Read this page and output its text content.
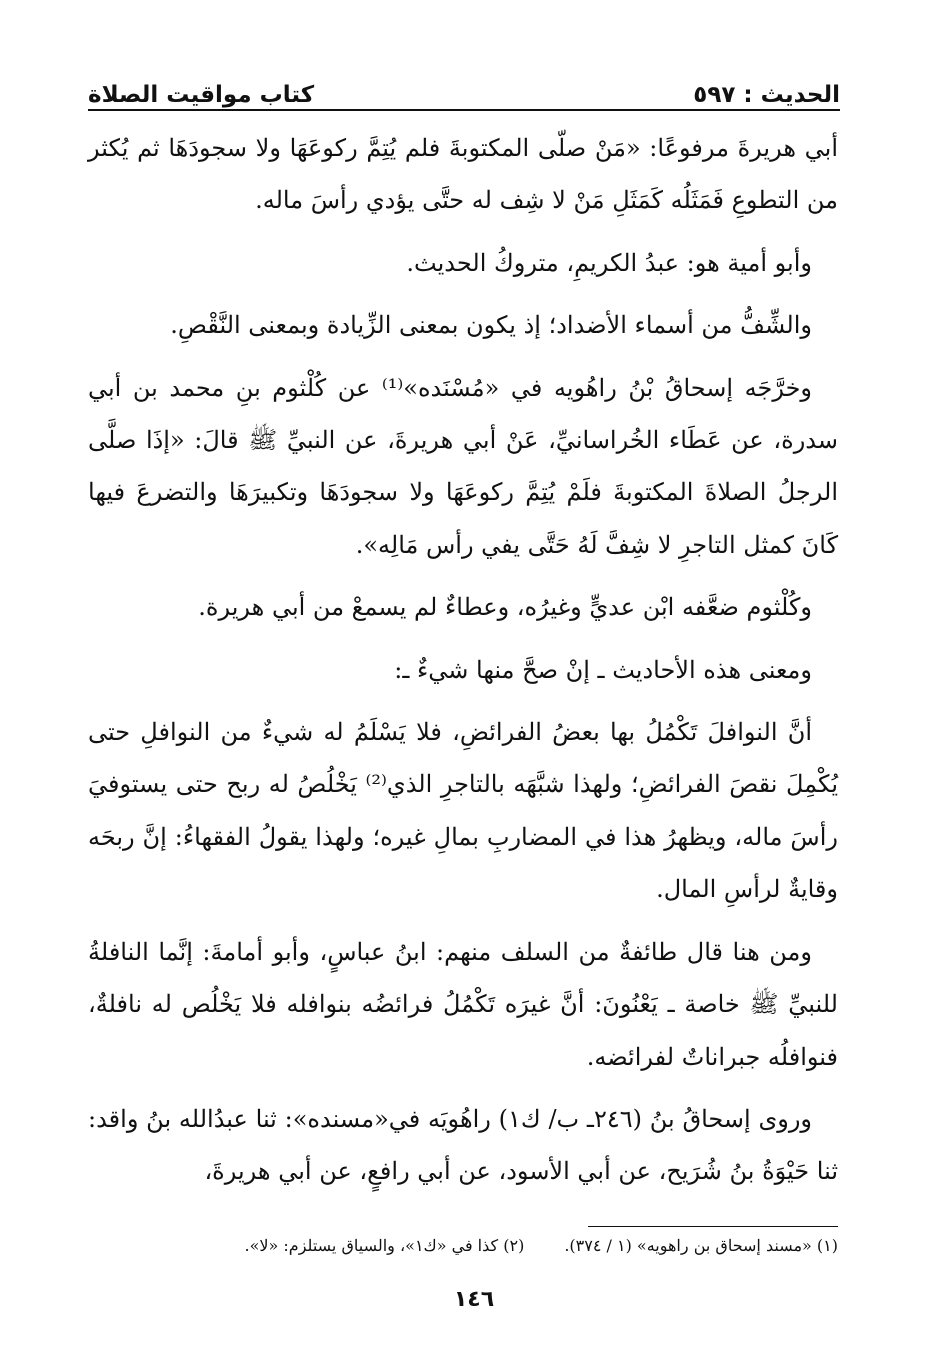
الحديث : ٥٩٧
كتاب مواقيت الصلاة

أبي هريرةَ مرفوعًا: «مَنْ صلّى المكتوبةَ فلم يُتِمَّ ركوعَهَا ولا سجودَهَا ثم يُكثر من التطوعِ فَمَثَلُه كَمَثَلِ مَنْ لا شِف له حتَّى يؤدي رأسَ ماله.

وأبو أمية هو: عبدُ الكريمِ، متروكُ الحديث.

والشِّفُّ من أسماء الأضداد؛ إذ يكون بمعنى الزِّيادة وبمعنى النَّقْصِ.

وخرَّجَه إسحاقُ بْنُ راهُويه في «مُسْنَده»⁽¹⁾ عن كُلْثوم بنِ محمد بن أبي سدرة، عن عَطَاء الخُراسانيِّ، عَنْ أبي هريرةَ، عن النبيِّ ﷺ قالَ: «إذَا صلَّى الرجلُ الصلاةَ المكتوبةَ فلَمْ يُتِمَّ ركوعَهَا ولا سجودَهَا وتكبيرَهَا والتضرعَ فيها كَانَ كمثل التاجرِ لا شِفَّ لَهُ حَتَّى يفي رأس مَالِه».

وكُلْثوم ضعَّفه ابْن عديٍّ وغيرُه، وعطاءٌ لم يسمعْ من أبي هريرة.

ومعنى هذه الأحاديث ـ إنْ صحَّ منها شيءٌ ـ:

أنَّ النوافلَ تَكْمُلُ بها بعضُ الفرائضِ، فلا يَسْلَمُ له شيءٌ من النوافلِ حتى يُكْمِلَ نقصَ الفرائضِ؛ ولهذا شبَّهَه بالتاجرِ الذي⁽²⁾ يَخْلُصُ له ربح حتى يستوفيَ رأسَ ماله، ويظهرُ هذا في المضاربِ بمالِ غيره؛ ولهذا يقولُ الفقهاءُ: إنَّ ربحَه وقايةٌ لرأسِ المال.

ومن هنا قال طائفةٌ من السلف منهم: ابنُ عباسٍ، وأبو أمامةَ: إنَّما النافلةُ للنبيِّ ﷺ خاصة ـ يَعْنُونَ: أنَّ غيرَه تَكْمُلُ فرائضُه بنوافله فلا يَخْلُص له نافلةٌ، فنوافلُه جبراناتٌ لفرائضه.

وروى إسحاقُ بنُ (٢٤٦ـ ب/ ك١) راهُويَه في«مسنده»: ثنا عبدُالله بنُ واقد: ثنا حَيْوَةُ بنُ شُرَيح، عن أبي الأسود، عن أبي رافعٍ، عن أبي هريرةَ،

(١) «مسند إسحاق بن راهويه» (١ / ٣٧٤).
(٢) كذا في «ك١»، والسياق يستلزم: «لا».
١٤٦
